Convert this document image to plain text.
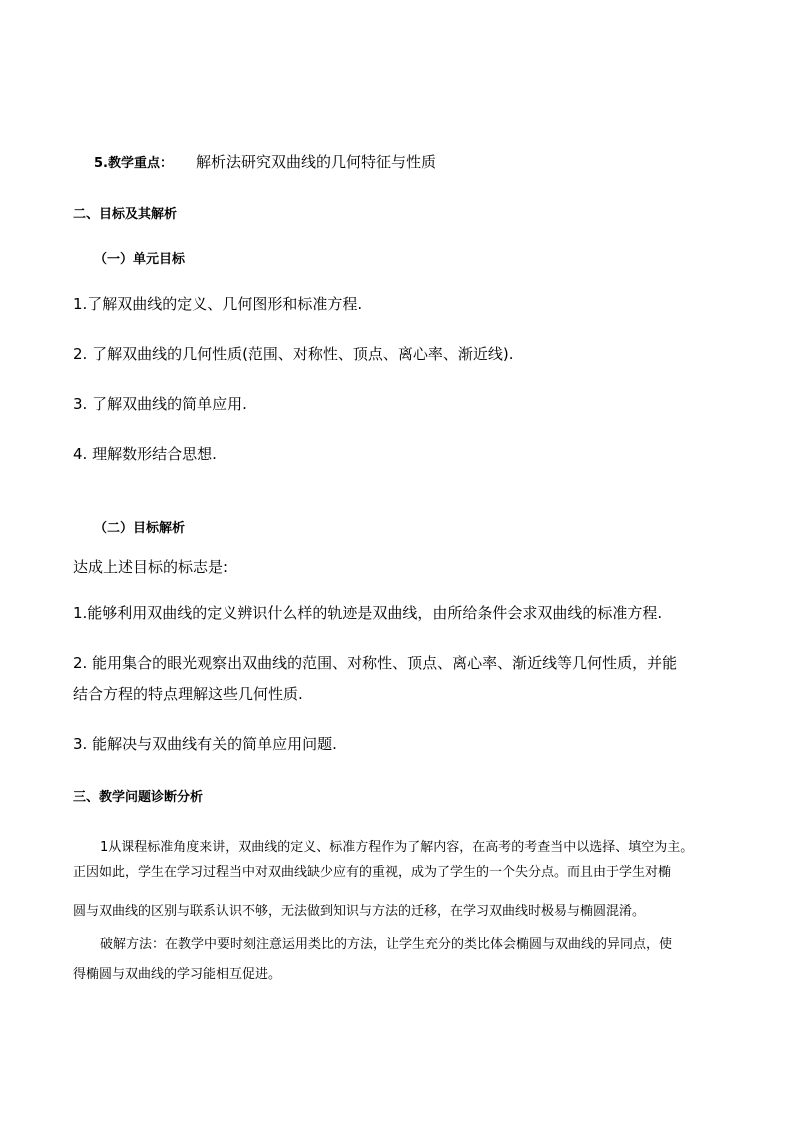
5.教学重点： 解析法研究双曲线的几何特征与性质
二、目标及其解析
（一）单元目标
1.了解双曲线的定义、几何图形和标准方程.
2. 了解双曲线的几何性质(范围、对称性、顶点、离心率、渐近线).
3. 了解双曲线的简单应用.
4. 理解数形结合思想.
（二）目标解析
达成上述目标的标志是:
1.能够利用双曲线的定义辨识什么样的轨迹是双曲线，由所给条件会求双曲线的标准方程.
2. 能用集合的眼光观察出双曲线的范围、对称性、顶点、离心率、渐近线等几何性质，并能
结合方程的特点理解这些几何性质.
3. 能解决与双曲线有关的简单应用问题.
三、教学问题诊断分析
1从课程标准角度来讲，双曲线的定义、标准方程作为了解内容，在高考的考查当中以选择、填空为主。
正因如此，学生在学习过程当中对双曲线缺少应有的重视，成为了学生的一个失分点。而且由于学生对椭
圆与双曲线的区别与联系认识不够，无法做到知识与方法的迁移，在学习双曲线时极易与椭圆混淆。
破解方法：在教学中要时刻注意运用类比的方法，让学生充分的类比体会椭圆与双曲线的异同点，使
得椭圆与双曲线的学习能相互促进。
